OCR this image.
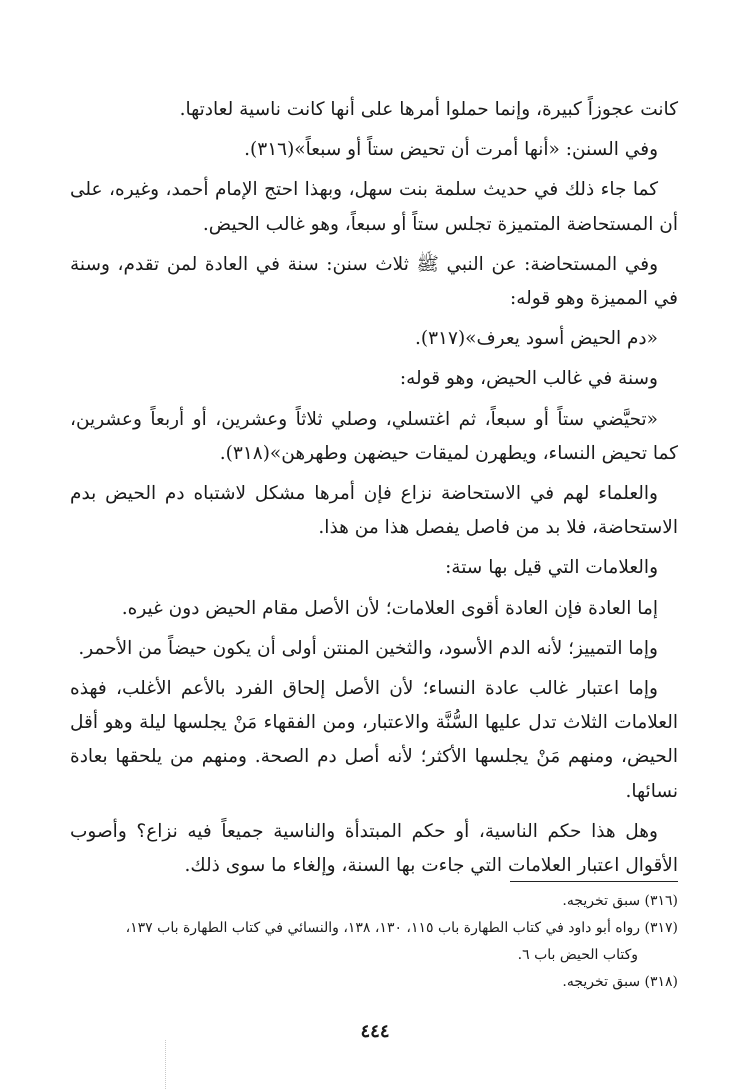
كانت عجوزاً كبيرة، وإنما حملوا أمرها على أنها كانت ناسية لعادتها.

وفي السنن: «أنها أمرت أن تحيض ستاً أو سبعاً»(٣١٦).

كما جاء ذلك في حديث سلمة بنت سهل، وبهذا احتج الإمام أحمد، وغيره، على أن المستحاضة المتميزة تجلس ستاً أو سبعاً، وهو غالب الحيض.

وفي المستحاضة: عن النبي ﷺ ثلاث سنن: سنة في العادة لمن تقدم، وسنة في المميزة وهو قوله:

«دم الحيض أسود يعرف»(٣١٧).

وسنة في غالب الحيض، وهو قوله:

«تحيَّضي ستاً أو سبعاً، ثم اغتسلي، وصلي ثلاثاً وعشرين، أو أربعاً وعشرين، كما تحيض النساء، ويطهرن لميقات حيضهن وطهرهن»(٣١٨).

والعلماء لهم في الاستحاضة نزاع فإن أمرها مشكل لاشتباه دم الحيض بدم الاستحاضة، فلا بد من فاصل يفصل هذا من هذا.

والعلامات التي قيل بها ستة:

إما العادة فإن العادة أقوى العلامات؛ لأن الأصل مقام الحيض دون غيره.

وإما التمييز؛ لأنه الدم الأسود، والثخين المنتن أولى أن يكون حيضاً من الأحمر.

وإما اعتبار غالب عادة النساء؛ لأن الأصل إلحاق الفرد بالأعم الأغلب، فهذه العلامات الثلاث تدل عليها السُّنَّة والاعتبار، ومن الفقهاء مَنْ يجلسها ليلة وهو أقل الحيض، ومنهم مَنْ يجلسها الأكثر؛ لأنه أصل دم الصحة. ومنهم من يلحقها بعادة نسائها.

وهل هذا حكم الناسية، أو حكم المبتدأة والناسية جميعاً فيه نزاع؟ وأصوب الأقوال اعتبار العلامات التي جاءت بها السنة، وإلغاء ما سوى ذلك.

(٣١٦) سبق تخريجه.

(٣١٧) رواه أبو داود في كتاب الطهارة باب ١١٥، ١٣٠، ١٣٨، والنسائي في كتاب الطهارة باب ١٣٧،

وكتاب الحيض باب ٦.

(٣١٨) سبق تخريجه.

٤٤٤
